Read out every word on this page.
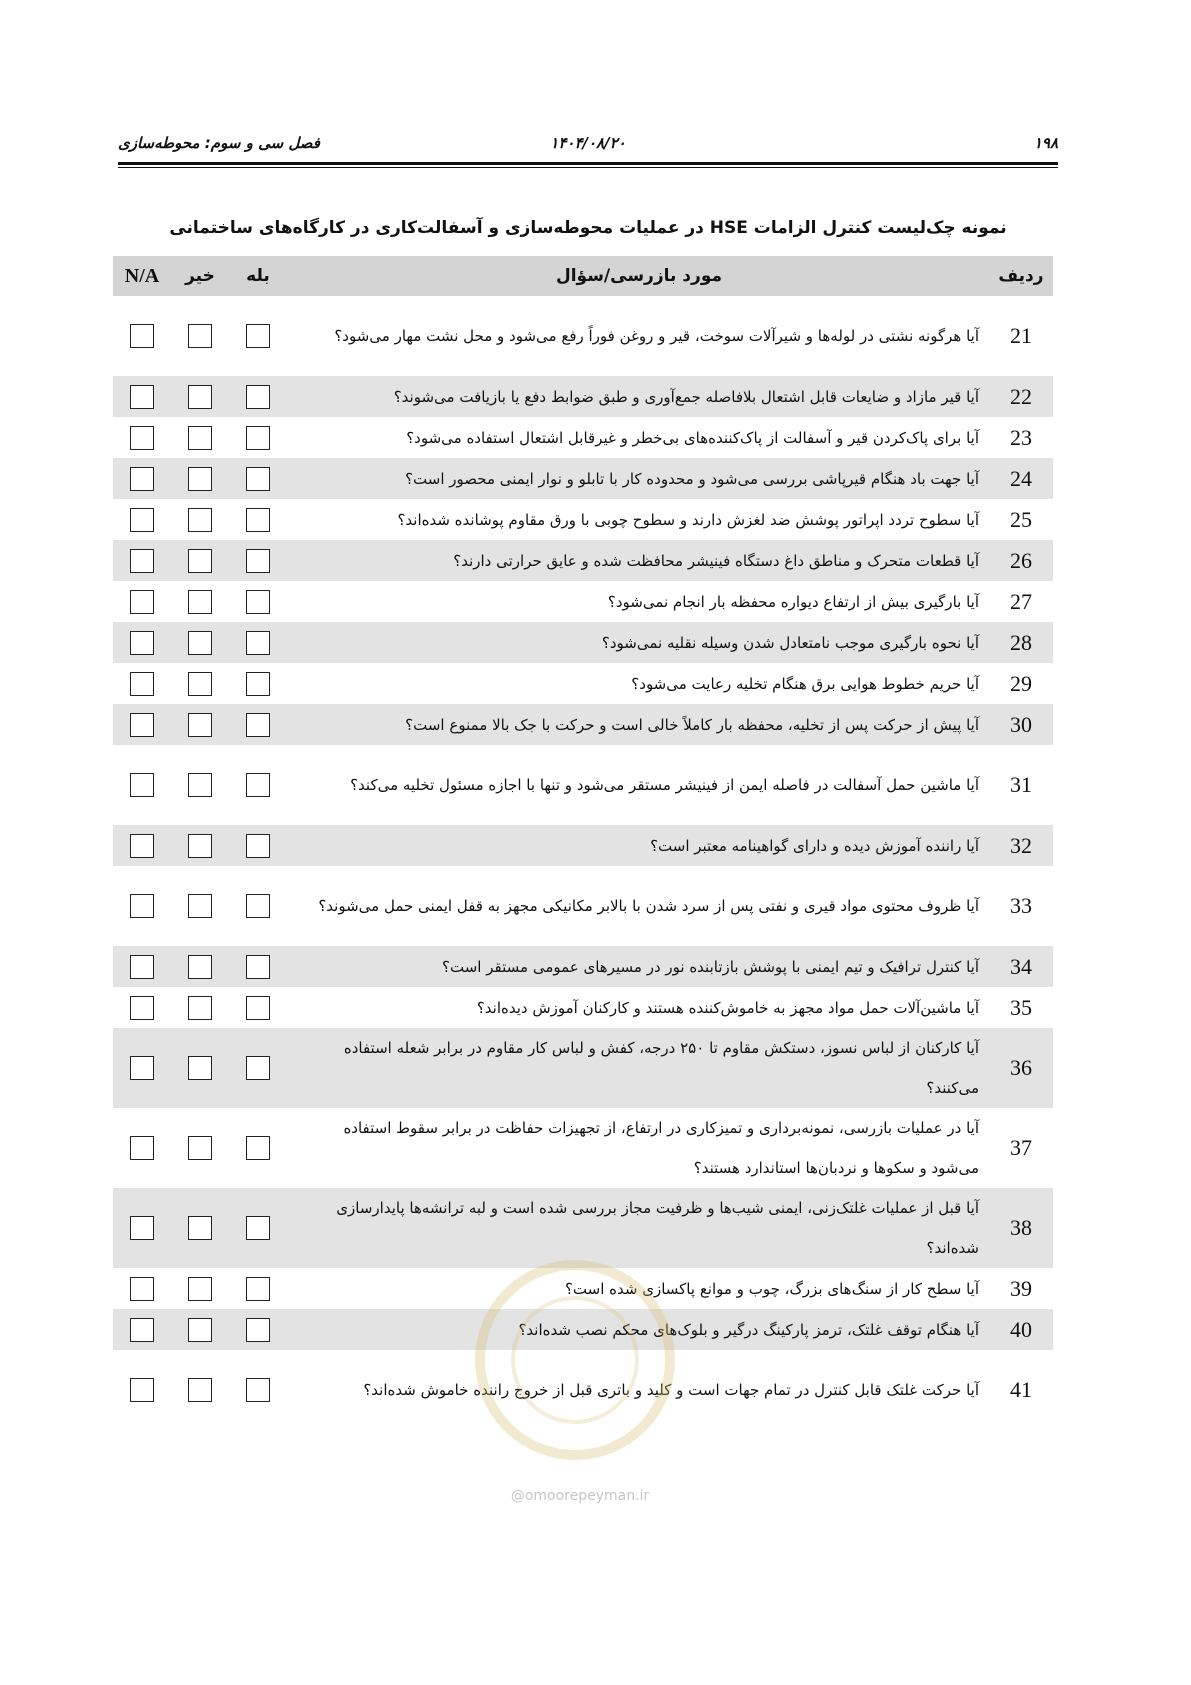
۱۹۸
۱۴۰۴/۰۸/۲۰
فصل سی و سوم: محوطه‌سازی
نمونه چک‌لیست کنترل الزامات HSE در عملیات محوطه‌سازی و آسفالت‌کاری در کارگاه‌های ساختمانی
ردیف	مورد بازرسی/سؤال	بله	خیر	N/A
21	آیا هرگونه نشتی در لوله‌ها و شیرآلات سوخت، قیر و روغن فوراً رفع می‌شود و محل نشت مهار می‌شود؟			
22	آیا قیر مازاد و ضایعات قابل اشتعال بلافاصله جمع‌آوری و طبق ضوابط دفع یا بازیافت می‌شوند؟			
23	آیا برای پاک‌کردن قیر و آسفالت از پاک‌کننده‌های بی‌خطر و غیرقابل اشتعال استفاده می‌شود؟			
24	آیا جهت باد هنگام قیرپاشی بررسی می‌شود و محدوده کار با تابلو و نوار ایمنی محصور است؟			
25	آیا سطوح تردد اپراتور پوشش ضد لغزش دارند و سطوح چوبی با ورق مقاوم پوشانده شده‌اند؟			
26	آیا قطعات متحرک و مناطق داغ دستگاه فینیشر محافظت شده و عایق حرارتی دارند؟			
27	آیا بارگیری بیش از ارتفاع دیواره محفظه بار انجام نمی‌شود؟			
28	آیا نحوه بارگیری موجب نامتعادل شدن وسیله نقلیه نمی‌شود؟			
29	آیا حریم خطوط هوایی برق هنگام تخلیه رعایت می‌شود؟			
30	آیا پیش از حرکت پس از تخلیه، محفظه بار کاملاً خالی است و حرکت با جک بالا ممنوع است؟			
31	آیا ماشین حمل آسفالت در فاصله ایمن از فینیشر مستقر می‌شود و تنها با اجازه مسئول تخلیه می‌کند؟			
32	آیا راننده آموزش دیده و دارای گواهینامه معتبر است؟			
33	آیا ظروف محتوی مواد قیری و نفتی پس از سرد شدن با بالابر مکانیکی مجهز به قفل ایمنی حمل می‌شوند؟			
34	آیا کنترل ترافیک و تیم ایمنی با پوشش بازتابنده نور در مسیرهای عمومی مستقر است؟			
35	آیا ماشین‌آلات حمل مواد مجهز به خاموش‌کننده هستند و کارکنان آموزش دیده‌اند؟			
36	آیا کارکنان از لباس نسوز، دستکش مقاوم تا ۲۵۰ درجه، کفش و لباس کار مقاوم در برابر شعله استفاده می‌کنند؟			
37	آیا در عملیات بازرسی، نمونه‌برداری و تمیزکاری در ارتفاع، از تجهیزات حفاظت در برابر سقوط استفاده می‌شود و سکوها و نردبان‌ها استاندارد هستند؟			
38	آیا قبل از عملیات غلتک‌زنی، ایمنی شیب‌ها و ظرفیت مجاز بررسی شده است و لبه ترانشه‌ها پایدارسازی شده‌اند؟			
39	آیا سطح کار از سنگ‌های بزرگ، چوب و موانع پاکسازی شده است؟			
40	آیا هنگام توقف غلتک، ترمز پارکینگ درگیر و بلوک‌های محکم نصب شده‌اند؟			
41	آیا حرکت غلتک قابل کنترل در تمام جهات است و کلید و باتری قبل از خروج راننده خاموش شده‌اند؟			
@omoorepeyman.ir
